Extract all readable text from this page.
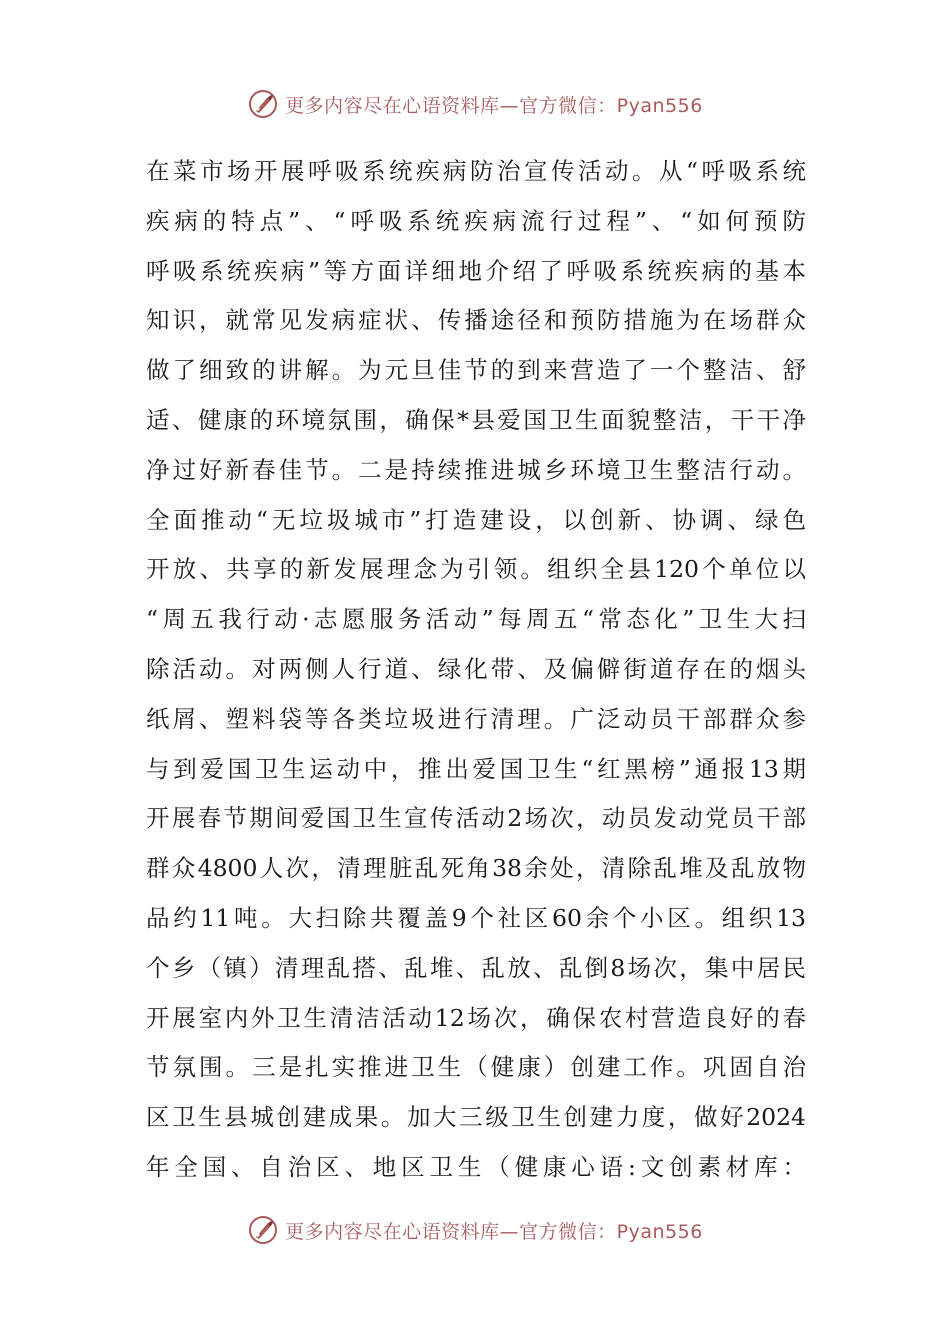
更多内容尽在心语资料库—官方微信：Pyan556
在菜市场开展呼吸系统疾病防治宣传活动。从“呼吸系统
疾病的特点”、“呼吸系统疾病流行过程”、“如何预防
呼吸系统疾病”等方面详细地介绍了呼吸系统疾病的基本
知识，就常见发病症状、传播途径和预防措施为在场群众
做了细致的讲解。为元旦佳节的到来营造了一个整洁、舒
适、健康的环境氛围，确保*县爱国卫生面貌整洁，干干净
净过好新春佳节。二是持续推进城乡环境卫生整洁行动。
全面推动“无垃圾城市”打造建设，以创新、协调、绿色
开放、共享的新发展理念为引领。组织全县120个单位以
“周五我行动·志愿服务活动”每周五“常态化”卫生大扫
除活动。对两侧人行道、绿化带、及偏僻街道存在的烟头
纸屑、塑料袋等各类垃圾进行清理。广泛动员干部群众参
与到爱国卫生运动中，推出爱国卫生“红黑榜”通报13期
开展春节期间爱国卫生宣传活动2场次，动员发动党员干部
群众4800人次，清理脏乱死角38余处，清除乱堆及乱放物
品约11吨。大扫除共覆盖9个社区60余个小区。组织13
个乡（镇）清理乱搭、乱堆、乱放、乱倒8场次，集中居民
开展室内外卫生清洁活动12场次，确保农村营造良好的春
节氛围。三是扎实推进卫生（健康）创建工作。巩固自治
区卫生县城创建成果。加大三级卫生创建力度，做好2024
年全国、自治区、地区卫生（健康心语:文创素材库：
更多内容尽在心语资料库—官方微信：Pyan556
